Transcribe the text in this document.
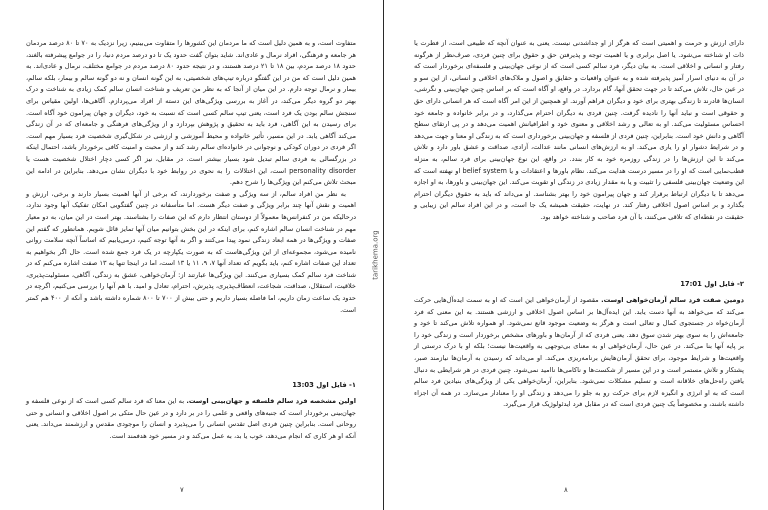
متفاوت است، و به همین دلیل است که ما مردمان این کشورها را متفاوت می‌بینیم، زیرا نزدیک به ۷۰ تا ۸۰ درصد مردمان هر جامعه و فرهنگی، افراد نرمال و عادی‌اند. شاید بتوان گفت حدود یک تا دو درصد مردم دنیا، را در جوامع پیشرفته بالغند، حدود ۱۸ درصد مردم، بین ۱۸ تا ۲۱ درصد هستند، و در نتیجه حدود ۸۰ درصد مردم در جوامع مختلف، نرمال و عادی‌اند. به همین دلیل است که من در این گفتگو درباره تیپ‌های شخصیتی، به این گونه انسان و نه دو گونه سالم و بیمار، بلکه سالم، بیمار و نرمال توجه دارم. در این میان از آنجا که به نظر من تعریف و شناخت انسان سالم کمک زیادی به شناخت و درک بهتر دو گروه دیگر می‌کند، در آغاز به بررسی ویژگی‌های این دسته از افراد می‌پردازم. آگاهی‌ها، اولین مقیاس برای سنجش سالم بودن یک فرد است، یعنی تیپ سالم کسی است که نسبت به خود، دیگران و جهان پیرامون خود آگاه است. برای رسیدن به این آگاهی، فرد باید به تحقیق و پژوهش بپردازد و از ویژگی‌های فرهنگی و جامعه‌ای که در آن زندگی می‌کند آگاهی یابد. در این مسیر، تأثیر خانواده و محیط آموزشی و ارزشی در شکل‌گیری شخصیت فرد بسیار مهم است. اگر فردی در دوران کودکی و نوجوانی در خانواده‌ای سالم رشد کند و از محبت و امنیت کافی برخوردار باشد، احتمال اینکه در بزرگسالی به فردی سالم تبدیل شود بسیار بیشتر است. در مقابل، نیز اگر کسی دچار اختلال شخصیت هست یا personality disorder است، این اختلالات را به نحوی در روابط خود با دیگران نشان می‌دهد. بنابراین در ادامه این مبحث تلاش می‌کنم این ویژگی‌ها را شرح دهم.

به نظر من افراد سالم، از سه ویژگی و صفت برخوردارند، که برخی از آنها اهمیت بسیار دارند و برخی، ارزش و اهمیت و نقش آنها چند برابر ویژگی و صفت دیگر هست. اما متأسفانه در چنین گفتگویی امکان تفکیک آنها وجود ندارد، درحالیکه من در کنفرانس‌ها معمولاً از دوستان انتظار دارم که این صفات را بشناسند. بهتر است در این میان، به دو معیار مهم در شناخت انسان سالم اشاره کنم، برای اینکه در این بخش بتوانیم میان آنها تمایز قائل شویم. همانطور که گفتم این صفات و ویژگی‌ها در همه ابعاد زندگی نمود پیدا می‌کنند و اگر به آنها توجه کنیم، درمی‌یابیم که اساساً آنچه سلامت روانی نامیده می‌شود، مجموعه‌ای از این ویژگی‌هاست که به صورت یکپارچه در یک فرد جمع شده است. حال اگر بخواهیم به تعداد این صفات اشاره کنم، باید بگویم که تعداد آنها ۷، ۹، ۱۱ یا ۱۳ است، اما در اینجا تنها به ۱۳ صفت اشاره می‌کنم که در شناخت فرد سالم کمک بسیاری می‌کنند. این ویژگی‌ها عبارتند از: آرمان‌خواهی، عشق به زندگی، آگاهی، مسئولیت‌پذیری، خلاقیت، استقلال، صداقت، شجاعت، انعطاف‌پذیری، پذیرش، احترام، تعادل و امید. با هم آنها را بررسی می‌کنیم، اگرچه در حدود یک ساعت زمان داریم، اما فاصله بسیار داریم و حتی بیش از ۷۰۰ تا ۸۰۰ شماره داشته باشد و آنکه از ۴۰۰ هم کمتر است.

۱- فایل اول 13:03

اولین مشخصه فرد سالم فلسفه و جهان‌بینی اوست. به این معنا که فرد سالم کسی است که از نوعی فلسفه و جهان‌بینی برخوردار است که جنبه‌های واقعی و علمی را در بر دارد و در عین حال متکی بر اصول اخلاقی و انسانی و حتی روحانی است. بنابراین چنین فردی اصل تقدس انسانی را می‌پذیرد و انسان را موجودی مقدس و ارزشمند می‌داند. یعنی آنکه او هر کاری که انجام می‌دهد، خوب یا بد، به عمل می‌کند و در مسیر خود هدفمند است.
۷
tarikhema.org

دارای ارزش و حرمت و اهمیتی است که هرگز از او جداشدنی نیست. یعنی به عنوان آنچه که طبیعی است، از فطرت یا ذات او شناخته می‌شود. یا اصل برابری و یا اهمیت توجه و پذیرفتن حق و حقوق برای چنین فردی، صرف‌نظر از هرگونه رفتار و انسانی و اخلاقی است. به بیان دیگر، فرد سالم کسی است که از نوعی جهان‌بینی و فلسفه‌ای برخوردار است که در آن به دنیای اسرار آمیز پذیرفته شده و به عنوان واقعیات و حقایق و اصول و ملاک‌های اخلاقی و انسانی، از این سو و در عین حال، تلاش می‌کند تا در جهت تحقق آنها، گام بردارد. در واقع، او آگاه است که بر اساس چنین جهان‌بینی و نگرشی، انسان‌ها قادرند تا زندگی بهتری برای خود و دیگران فراهم آورند. او همچنین از این امر آگاه است که هر انسانی دارای حق و حقوقی است و نباید آنها را نادیده گرفت. چنین فردی به دیگران احترام می‌گذارد، و در برابر خانواده و جامعه خود احساس مسئولیت می‌کند. او به تعالی و رشد اخلاقی و معنوی خود و اطرافیانش اهمیت می‌دهد و در پی ارتقای سطح آگاهی و دانش خود است. بنابراین، چنین فردی از فلسفه و جهان‌بینی برخورداری است که به زندگی او معنا و جهت می‌دهد و در شرایط دشوار او را یاری می‌کند. او به ارزش‌های انسانی مانند عدالت، آزادی، صداقت و عشق باور دارد و تلاش می‌کند تا این ارزش‌ها را در زندگی روزمره خود به کار بندد. در واقع، این نوع جهان‌بینی برای فرد سالم، به منزله قطب‌نمایی است که او را در مسیر درست هدایت می‌کند. نظام باورها و اعتقادات و یا belief system او نهفته است که این وضعیت جهان‌بینی فلسفی را تثبیت و یا به مقدار زیادی در زندگی او تقویت می‌کند. این جهان‌بینی و باورها، به او اجازه می‌دهد تا با دیگران ارتباط برقرار کند و جهان پیرامون خود را بهتر بشناسد. او می‌داند که باید به حقوق دیگران احترام بگذارد و بر اساس اصول اخلاقی رفتار کند. در نهایت، حقیقت همیشه یک جا است، و در این افراد سالم این زیبایی و حقیقت در نقطه‌ای که تلاقی می‌کنند، با آن فرد صاحب و شناخته خواهد بود.

۲- فایل اول 17:01

دومین صفت فرد سالم آرمان‌خواهی اوست. مقصود از آرمان‌خواهی این است که او به سمت ایده‌آل‌هایی حرکت می‌کند که می‌خواهد به آنها دست یابد. این ایده‌آل‌ها بر اساس اصول اخلاقی و ارزشی هستند. به این معنی که فرد آرمان‌خواه در جستجوی کمال و تعالی است و هرگز به وضعیت موجود قانع نمی‌شود. او همواره تلاش می‌کند تا خود و جامعه‌اش را به سوی بهتر شدن سوق دهد. یعنی فردی که از آرمان‌ها و باورهای مشخص برخوردار است و زندگی خود را بر پایه آنها بنا می‌کند. در عین حال، آرمان‌خواهی او به معنای بی‌توجهی به واقعیت‌ها نیست؛ بلکه او با درک درستی از واقعیت‌ها و شرایط موجود، برای تحقق آرمان‌هایش برنامه‌ریزی می‌کند. او می‌داند که رسیدن به آرمان‌ها نیازمند صبر، پشتکار و تلاش مستمر است و در این مسیر از شکست‌ها و ناکامی‌ها ناامید نمی‌شود. چنین فردی در هر شرایطی به دنبال یافتن راه‌حل‌های خلاقانه است و تسلیم مشکلات نمی‌شود. بنابراین، آرمان‌خواهی یکی از ویژگی‌های بنیادین فرد سالم است که به او انرژی و انگیزه لازم برای حرکت رو به جلو را می‌دهد و زندگی او را معنادار می‌سازد. در همه آن اجزاء داشته باشند، و مخصوصاً یک چنین فردی است که در مقابل فرد ایدئولوژیک قرار می‌گیرد.
۸
